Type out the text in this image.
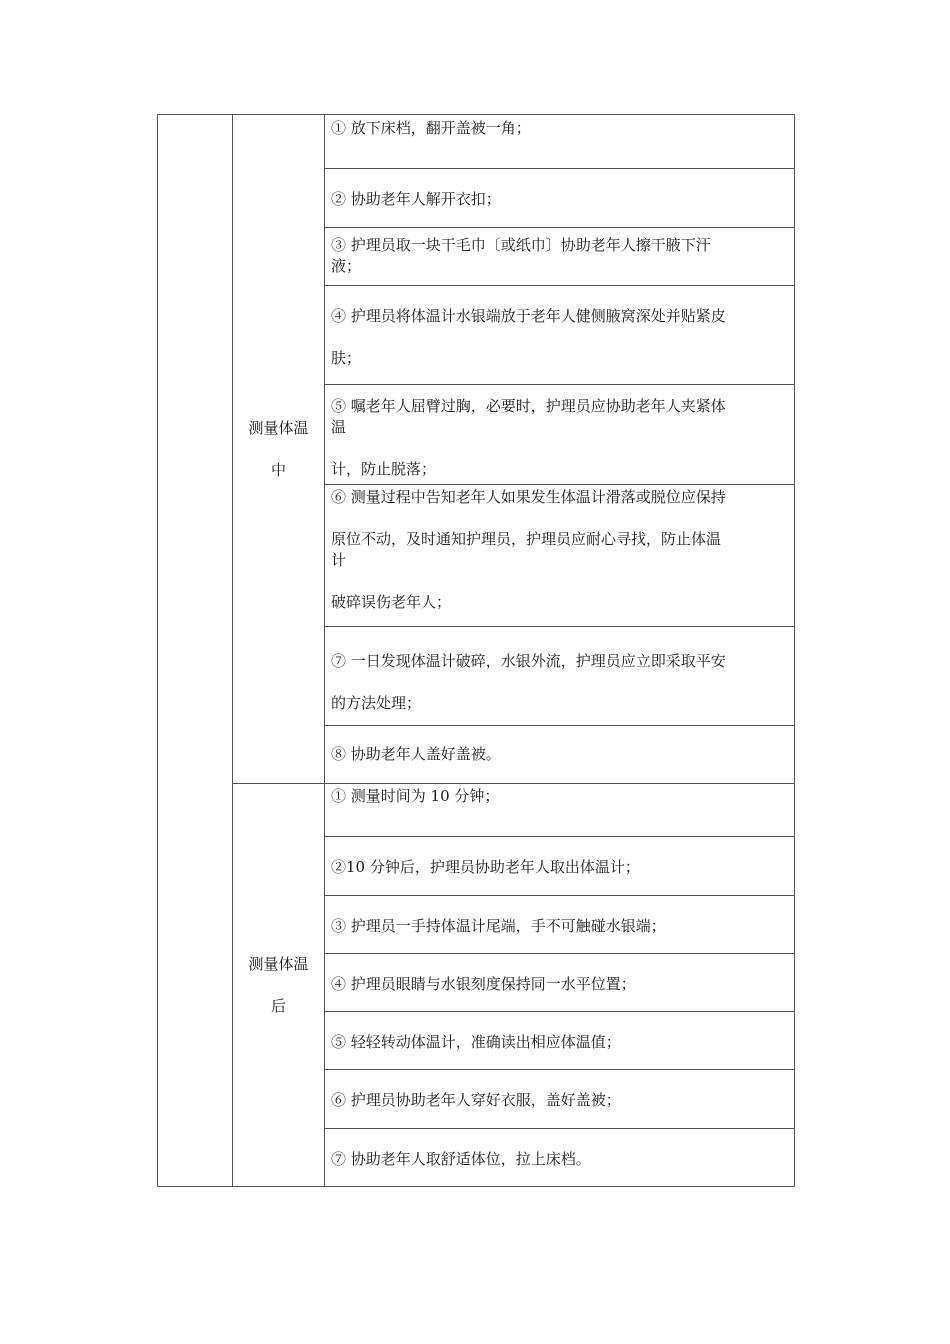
	测量体温
中	① 放下床档，翻开盖被一角；

		② 协助老年人解开衣扣；

		③ 护理员取一块干毛巾〔或纸巾〕协助老年人擦干腋下汗
液；

		④ 护理员将体温计水银端放于老年人健侧腋窝深处并贴紧皮

肤；

		⑤ 嘱老年人屈臂过胸，必要时，护理员应协助老年人夹紧体
温

计，防止脱落；

		⑥ 测量过程中告知老年人如果发生体温计滑落或脱位应保持

原位不动，及时通知护理员，护理员应耐心寻找，防止体温
计

破碎误伤老年人；

		⑦ 一日发现体温计破碎，水银外流，护理员应立即采取平安

的方法处理；

		⑧ 协助老年人盖好盖被。

	测量体温
后	① 测量时间为 10 分钟；

		②10 分钟后，护理员协助老年人取出体温计；

		③ 护理员一手持体温计尾端，手不可触碰水银端；

		④ 护理员眼睛与水银刻度保持同一水平位置；

		⑤ 轻轻转动体温计，准确读出相应体温值；

		⑥ 护理员协助老年人穿好衣服，盖好盖被；

		⑦ 协助老年人取舒适体位，拉上床档。
